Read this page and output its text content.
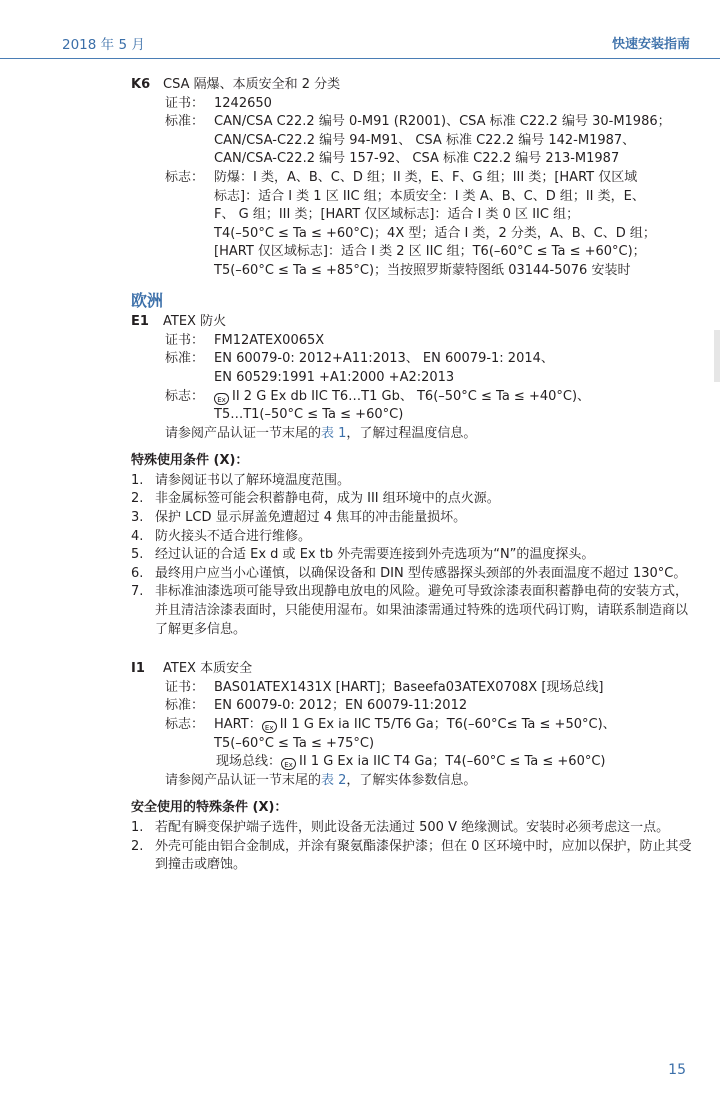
2018 年 5 月	快速安装指南
K6 CSA 隔爆、本质安全和 2 分类
证书： 1242650
标准： CAN/CSA C22.2 编号 0-M91 (R2001)、CSA 标准 C22.2 编号 30-M1986；
CAN/CSA-C22.2 编号 94-M91、 CSA 标准 C22.2 编号 142-M1987、
CAN/CSA-C22.2 编号 157-92、 CSA 标准 C22.2 编号 213-M1987
标志： 防爆：I 类，A、B、C、D 组；II 类，E、F、G 组；III 类；[HART 仅区域
标志]：适合 I 类 1 区 IIC 组；本质安全：I 类 A、B、C、D 组；II 类，E、
F、 G 组；III 类；[HART 仅区域标志]：适合 I 类 0 区 IIC 组；
T4(–50°C ≤ Ta ≤ +60°C)；4X 型；适合 I 类，2 分类，A、B、C、D 组；
[HART 仅区域标志]：适合 I 类 2 区 IIC 组；T6(–60°C ≤ Ta ≤ +60°C)；
T5(–60°C ≤ Ta ≤ +85°C)；当按照罗斯蒙特图纸 03144-5076 安装时
欧洲
E1 ATEX 防火
证书： FM12ATEX0065X
标准： EN 60079-0: 2012+A11:2013、 EN 60079-1: 2014、
EN 60529:1991 +A1:2000 +A2:2013
标志：	Ex II 2 G Ex db IIC T6…T1 Gb、 T6(–50°C ≤ Ta ≤ +40°C)、
T5…T1(–50°C ≤ Ta ≤ +60°C)
请参阅产品认证一节末尾的表 1，了解过程温度信息。
特殊使用条件 (X)：
1. 请参阅证书以了解环境温度范围。
2. 非金属标签可能会积蓄静电荷，成为 III 组环境中的点火源。
3. 保护 LCD 显示屏盖免遭超过 4 焦耳的冲击能量损坏。
4. 防火接头不适合进行维修。
5. 经过认证的合适 Ex d 或 Ex tb 外壳需要连接到外壳选项为“N”的温度探头。
6. 最终用户应当小心谨慎，以确保设备和 DIN 型传感器探头颈部的外表面温度不超过 130°C。
7. 非标准油漆选项可能导致出现静电放电的风险。避免可导致涂漆表面积蓄静电荷的安装方式，并且清洁涂漆表面时，只能使用湿布。如果油漆需通过特殊的选项代码订购，请联系制造商以了解更多信息。
I1 ATEX 本质安全
证书： BAS01ATEX1431X [HART]；Baseefa03ATEX0708X [现场总线]
标准： EN 60079-0: 2012；EN 60079-11:2012
标志： HART： Ex II 1 G Ex ia IIC T5/T6 Ga；T6(–60°C≤ Ta ≤ +50°C)、
T5(–60°C ≤ Ta ≤ +75°C)
现场总线： Ex II 1 G Ex ia IIC T4 Ga；T4(–60°C ≤ Ta ≤ +60°C)
请参阅产品认证一节末尾的表 2，了解实体参数信息。
安全使用的特殊条件 (X)：
1. 若配有瞬变保护端子选件，则此设备无法通过 500 V 绝缘测试。安装时必须考虑这一点。
2. 外壳可能由铝合金制成，并涂有聚氨酯漆保护漆；但在 0 区环境中时，应加以保护，防止其受到撞击或磨蚀。
15
